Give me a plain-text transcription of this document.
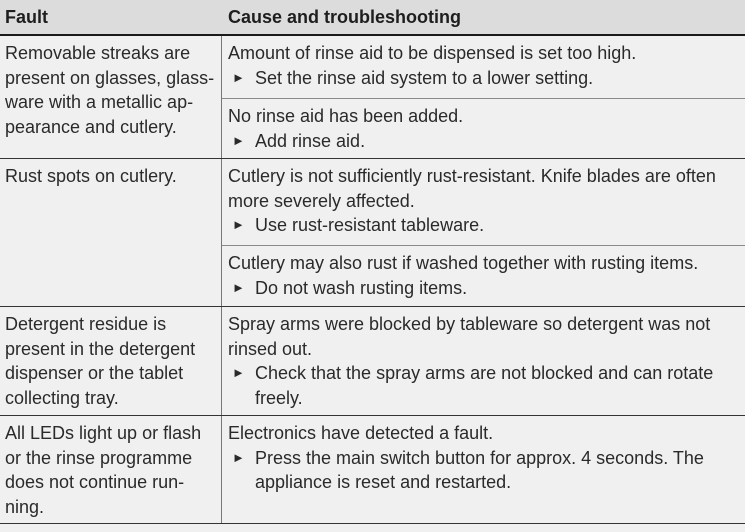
Fault	Cause and troubleshooting
Removable streaks are present on glasses, glass-ware with a metallic ap-pearance and cutlery.
Amount of rinse aid to be dispensed is set too high.
► Set the rinse aid system to a lower setting.
No rinse aid has been added.
► Add rinse aid.
Rust spots on cutlery.	Cutlery is not sufficiently rust-resistant. Knife blades are often more severely affected.
► Use rust-resistant tableware.
Cutlery may also rust if washed together with rusting items.
► Do not wash rusting items.
Detergent residue is present in the detergent dispenser or the tablet collecting tray.
Spray arms were blocked by tableware so detergent was not rinsed out.
► Check that the spray arms are not blocked and can rotate freely.
All LEDs light up or flash or the rinse programme does not continue run-ning.
Electronics have detected a fault.
► Press the main switch button for approx. 4 seconds. The appliance is reset and restarted.
